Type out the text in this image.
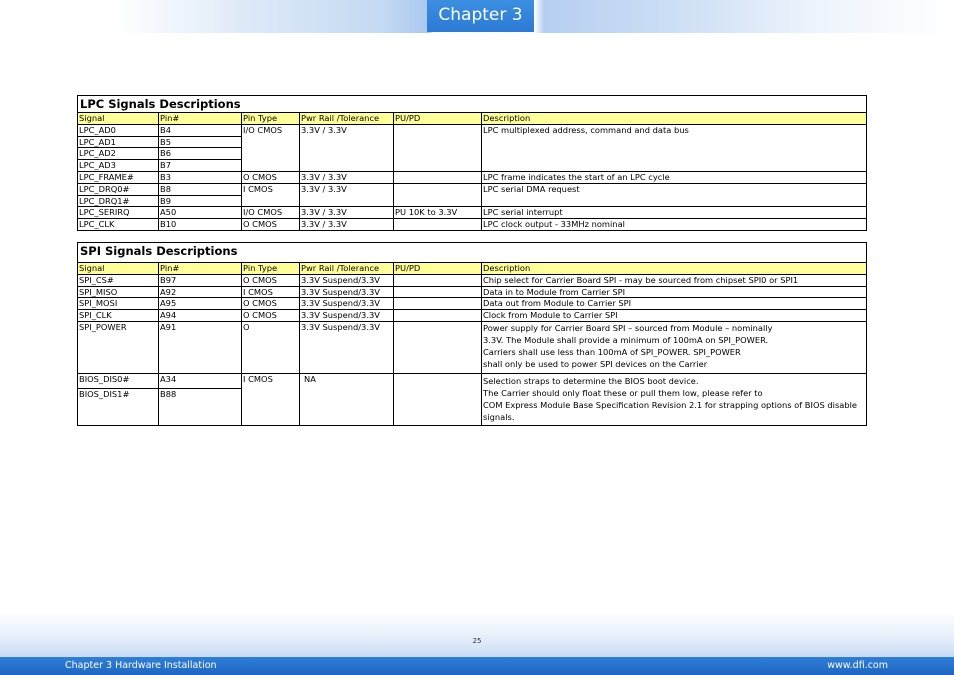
Chapter 3
LPC Signals Descriptions					
Signal	Pin#	Pin Type	Pwr Rail /Tolerance	PU/PD	Description
LPC_AD0	B4	I/O CMOS	3.3V / 3.3V		LPC multiplexed address, command and data bus
LPC_AD1	B5				
LPC_AD2	B6				
LPC_AD3	B7				
LPC_FRAME#	B3	O CMOS	3.3V / 3.3V		LPC frame indicates the start of an LPC cycle
LPC_DRQ0#	B8	I CMOS	3.3V / 3.3V		LPC serial DMA request
LPC_DRQ1#	B9				
LPC_SERIRQ	A50	I/O CMOS	3.3V / 3.3V	PU 10K to 3.3V	LPC serial interrupt
LPC_CLK	B10	O CMOS	3.3V / 3.3V		LPC clock output - 33MHz nominal
SPI Signals Descriptions					
Signal	Pin#	Pin Type	Pwr Rail /Tolerance	PU/PD	Description
SPI_CS#	B97	O CMOS	3.3V Suspend/3.3V		Chip select for Carrier Board SPI - may be sourced from chipset SPI0 or SPI1
SPI_MISO	A92	I CMOS	3.3V Suspend/3.3V		Data in to Module from Carrier SPI
SPI_MOSI	A95	O CMOS	3.3V Suspend/3.3V		Data out from Module to Carrier SPI
SPI_CLK	A94	O CMOS	3.3V Suspend/3.3V		Clock from Module to Carrier SPI
SPI_POWER	A91	O	3.3V Suspend/3.3V		Power supply for Carrier Board SPI – sourced from Module – nominally
3.3V. The Module shall provide a minimum of 100mA on SPI_POWER.
Carriers shall use less than 100mA of SPI_POWER. SPI_POWER
shall only be used to power SPI devices on the Carrier

BIOS_DIS0#	A34	I CMOS	NA		Selection straps to determine the BIOS boot device.
The Carrier should only float these or pull them low, please refer to
COM Express Module Base Specification Revision 2.1 for strapping options of BIOS disable
signals.

BIOS_DIS1#	B88				
25
Chapter 3 Hardware Installation	www.dfi.com
